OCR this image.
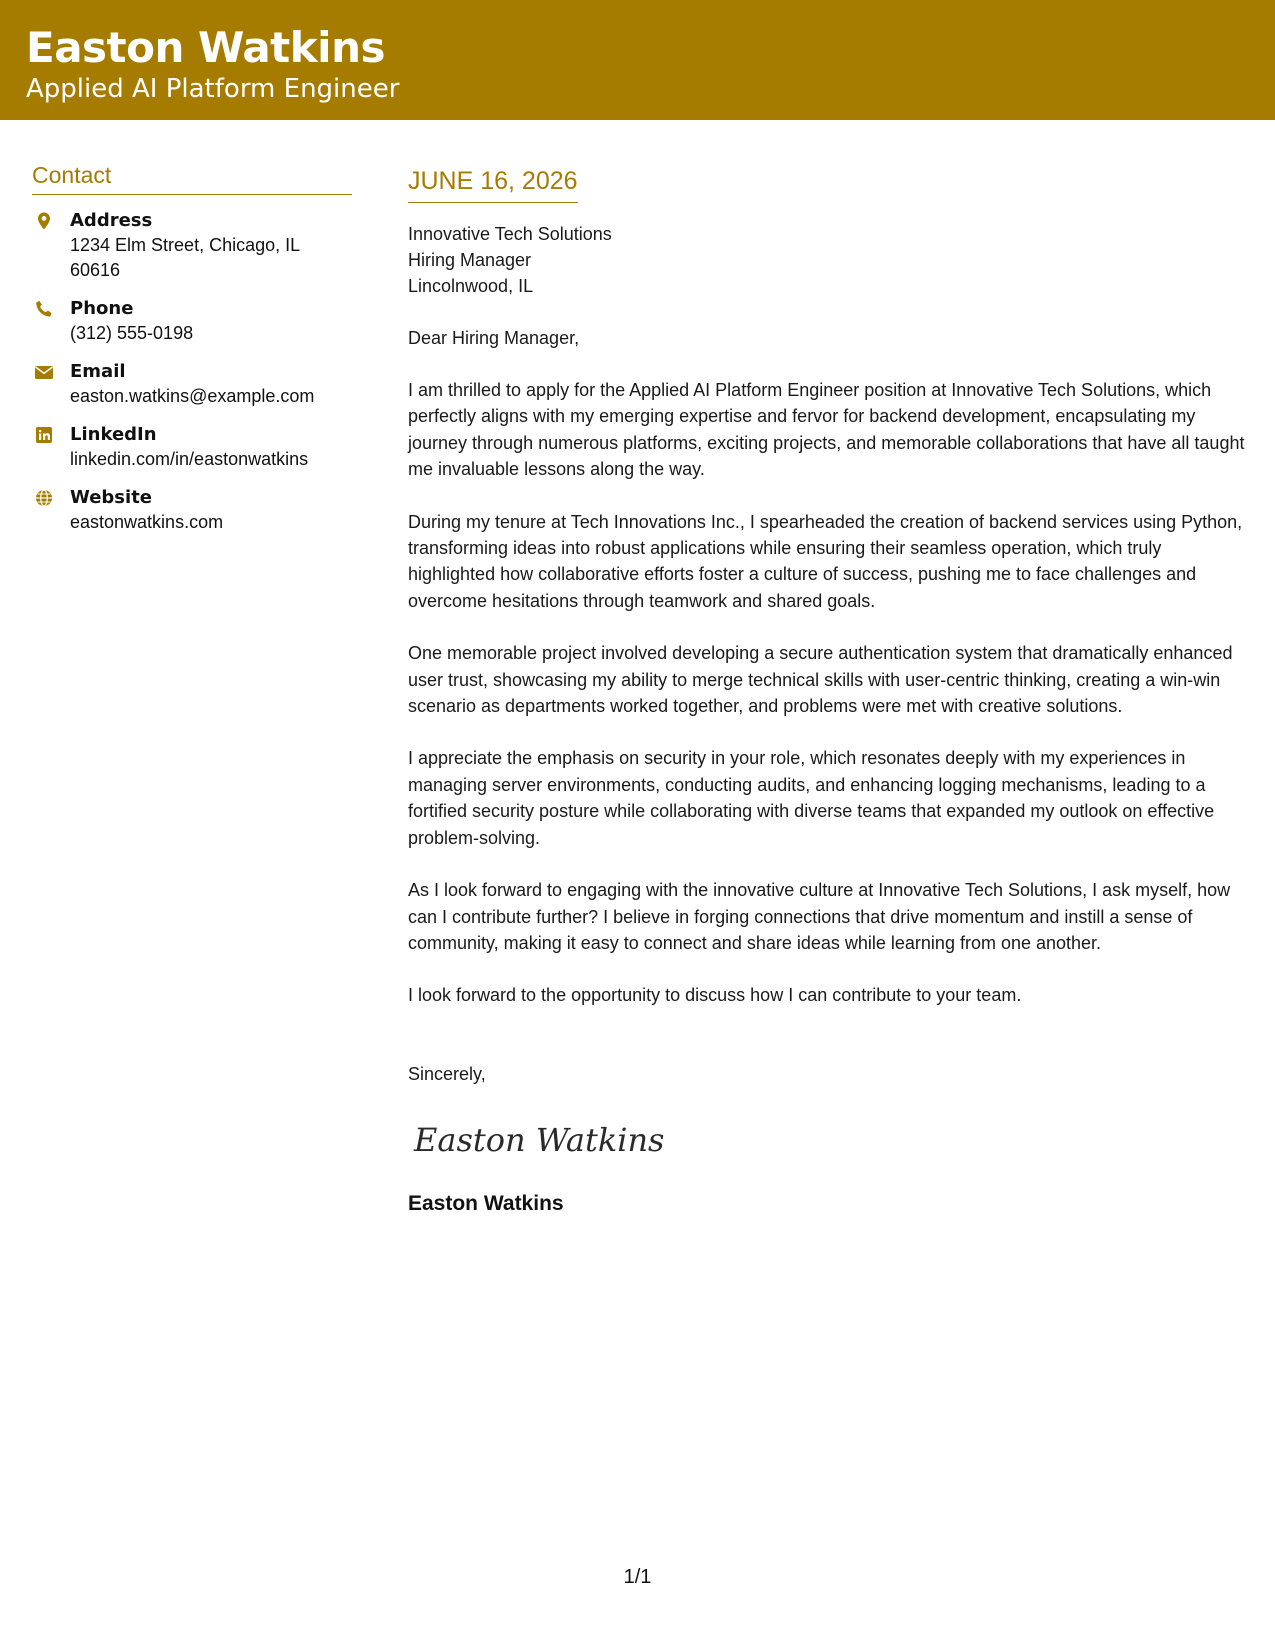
Easton Watkins
Applied AI Platform Engineer
Contact
Address
1234 Elm Street, Chicago, IL 60616
Phone
(312) 555-0198
Email
easton.watkins@example.com
LinkedIn
linkedin.com/in/eastonwatkins
Website
eastonwatkins.com
JUNE 16, 2026
Innovative Tech Solutions
Hiring Manager
Lincolnwood, IL
Dear Hiring Manager,
I am thrilled to apply for the Applied AI Platform Engineer position at Innovative Tech Solutions, which perfectly aligns with my emerging expertise and fervor for backend development, encapsulating my journey through numerous platforms, exciting projects, and memorable collaborations that have all taught me invaluable lessons along the way.
During my tenure at Tech Innovations Inc., I spearheaded the creation of backend services using Python, transforming ideas into robust applications while ensuring their seamless operation, which truly highlighted how collaborative efforts foster a culture of success, pushing me to face challenges and overcome hesitations through teamwork and shared goals.
One memorable project involved developing a secure authentication system that dramatically enhanced user trust, showcasing my ability to merge technical skills with user-centric thinking, creating a win-win scenario as departments worked together, and problems were met with creative solutions.
I appreciate the emphasis on security in your role, which resonates deeply with my experiences in managing server environments, conducting audits, and enhancing logging mechanisms, leading to a fortified security posture while collaborating with diverse teams that expanded my outlook on effective problem-solving.
As I look forward to engaging with the innovative culture at Innovative Tech Solutions, I ask myself, how can I contribute further? I believe in forging connections that drive momentum and instill a sense of community, making it easy to connect and share ideas while learning from one another.
I look forward to the opportunity to discuss how I can contribute to your team.
Sincerely,
Easton Watkins
Easton Watkins
1/1
